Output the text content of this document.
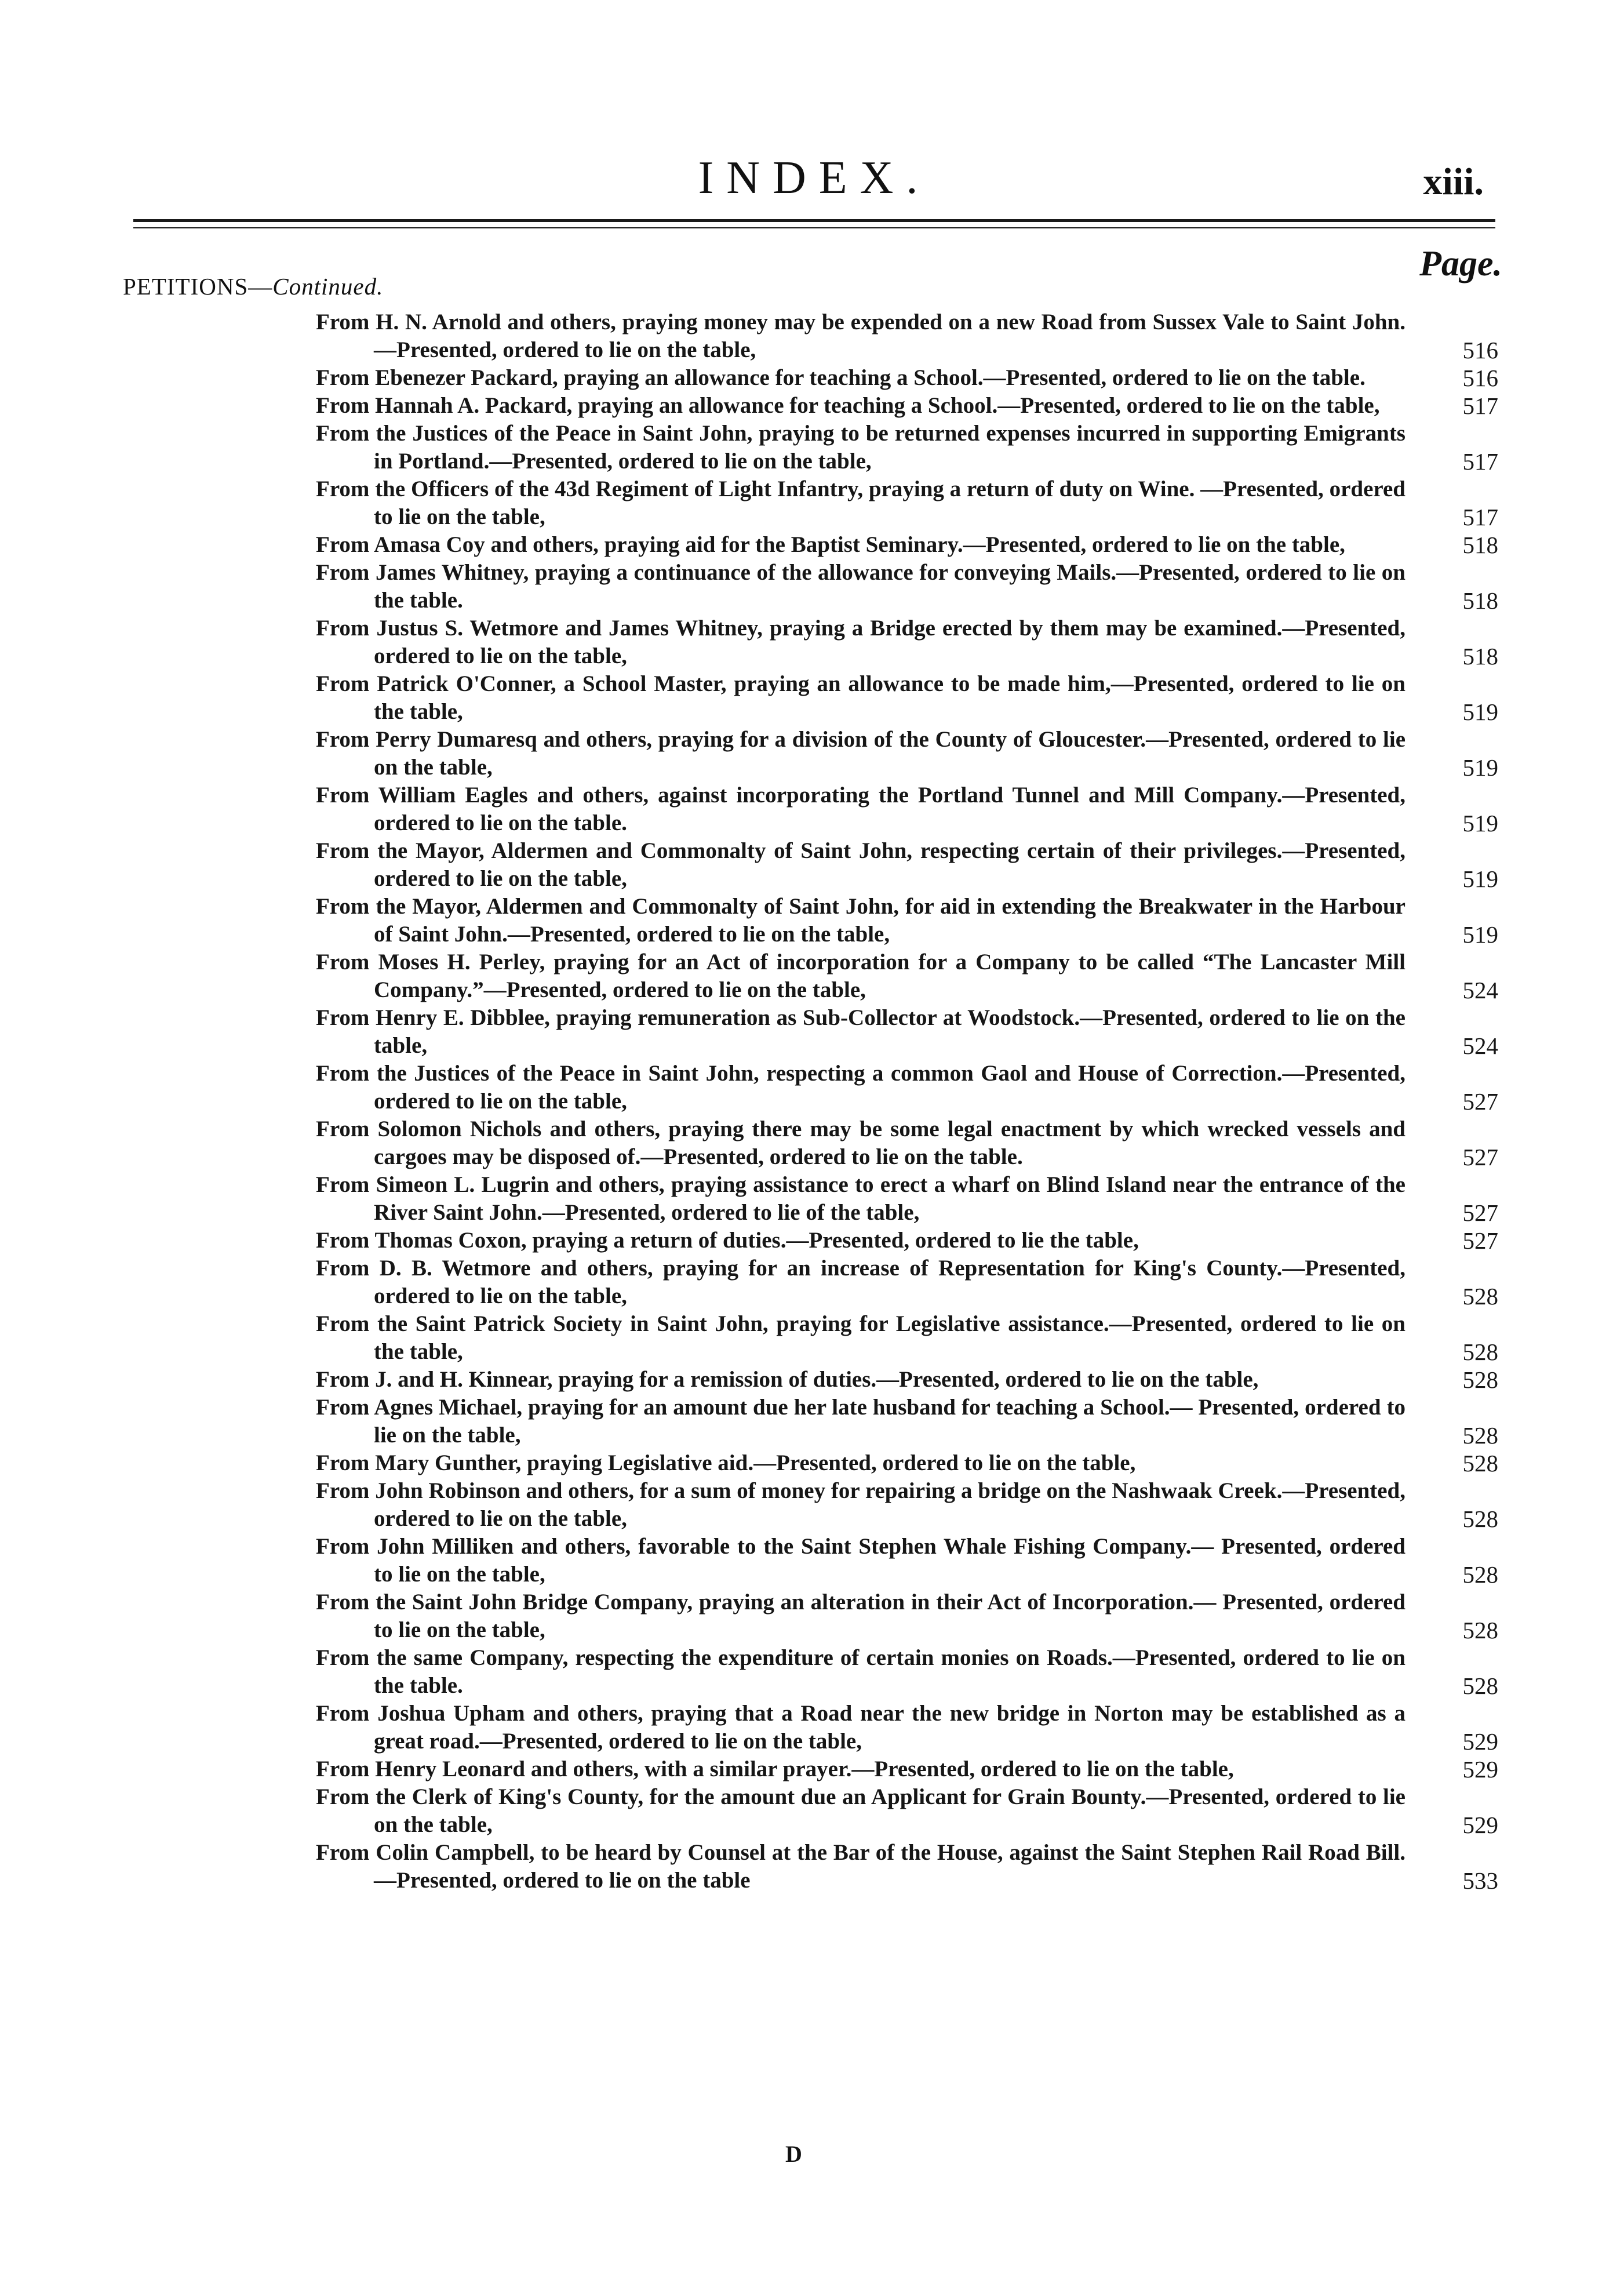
INDEX.	xiii.
Page.
PETITIONS—Continued.
From H. N. Arnold and others, praying money may be expended on a new Road from Sussex Vale to Saint John.—Presented, ordered to lie on the table,	516
From Ebenezer Packard, praying an allowance for teaching a School.—Presented, ordered to lie on the table.	516
From Hannah A. Packard, praying an allowance for teaching a School.—Presented, ordered to lie on the table,	517
From the Justices of the Peace in Saint John, praying to be returned expenses incurred in supporting Emigrants in Portland.—Presented, ordered to lie on the table,	517
From the Officers of the 43d Regiment of Light Infantry, praying a return of duty on Wine. —Presented, ordered to lie on the table,	517
From Amasa Coy and others, praying aid for the Baptist Seminary.—Presented, ordered to lie on the table,	518
From James Whitney, praying a continuance of the allowance for conveying Mails.—Presented, ordered to lie on the table.	518
From Justus S. Wetmore and James Whitney, praying a Bridge erected by them may be examined.—Presented, ordered to lie on the table,	518
From Patrick O'Conner, a School Master, praying an allowance to be made him,—Presented, ordered to lie on the table,	519
From Perry Dumaresq and others, praying for a division of the County of Gloucester.—Presented, ordered to lie on the table,	519
From William Eagles and others, against incorporating the Portland Tunnel and Mill Company.—Presented, ordered to lie on the table.	519
From the Mayor, Aldermen and Commonalty of Saint John, respecting certain of their privileges.—Presented, ordered to lie on the table,	519
From the Mayor, Aldermen and Commonalty of Saint John, for aid in extending the Breakwater in the Harbour of Saint John.—Presented, ordered to lie on the table,	519
From Moses H. Perley, praying for an Act of incorporation for a Company to be called “The Lancaster Mill Company.”—Presented, ordered to lie on the table,	524
From Henry E. Dibblee, praying remuneration as Sub-Collector at Woodstock.—Presented, ordered to lie on the table,	524
From the Justices of the Peace in Saint John, respecting a common Gaol and House of Correction.—Presented, ordered to lie on the table,	527
From Solomon Nichols and others, praying there may be some legal enactment by which wrecked vessels and cargoes may be disposed of.—Presented, ordered to lie on the table.	527
From Simeon L. Lugrin and others, praying assistance to erect a wharf on Blind Island near the entrance of the River Saint John.—Presented, ordered to lie of the table,	527
From Thomas Coxon, praying a return of duties.—Presented, ordered to lie the table,	527
From D. B. Wetmore and others, praying for an increase of Representation for King's County.—Presented, ordered to lie on the table,	528
From the Saint Patrick Society in Saint John, praying for Legislative assistance.—Presented, ordered to lie on the table,	528
From J. and H. Kinnear, praying for a remission of duties.—Presented, ordered to lie on the table,	528
From Agnes Michael, praying for an amount due her late husband for teaching a School.— Presented, ordered to lie on the table,	528
From Mary Gunther, praying Legislative aid.—Presented, ordered to lie on the table,	528
From John Robinson and others, for a sum of money for repairing a bridge on the Nashwaak Creek.—Presented, ordered to lie on the table,	528
From John Milliken and others, favorable to the Saint Stephen Whale Fishing Company.— Presented, ordered to lie on the table,	528
From the Saint John Bridge Company, praying an alteration in their Act of Incorporation.— Presented, ordered to lie on the table,	528
From the same Company, respecting the expenditure of certain monies on Roads.—Presented, ordered to lie on the table.	528
From Joshua Upham and others, praying that a Road near the new bridge in Norton may be established as a great road.—Presented, ordered to lie on the table,	529
From Henry Leonard and others, with a similar prayer.—Presented, ordered to lie on the table,	529
From the Clerk of King's County, for the amount due an Applicant for Grain Bounty.—Presented, ordered to lie on the table,	529
From Colin Campbell, to be heard by Counsel at the Bar of the House, against the Saint Stephen Rail Road Bill.—Presented, ordered to lie on the table	533
D
